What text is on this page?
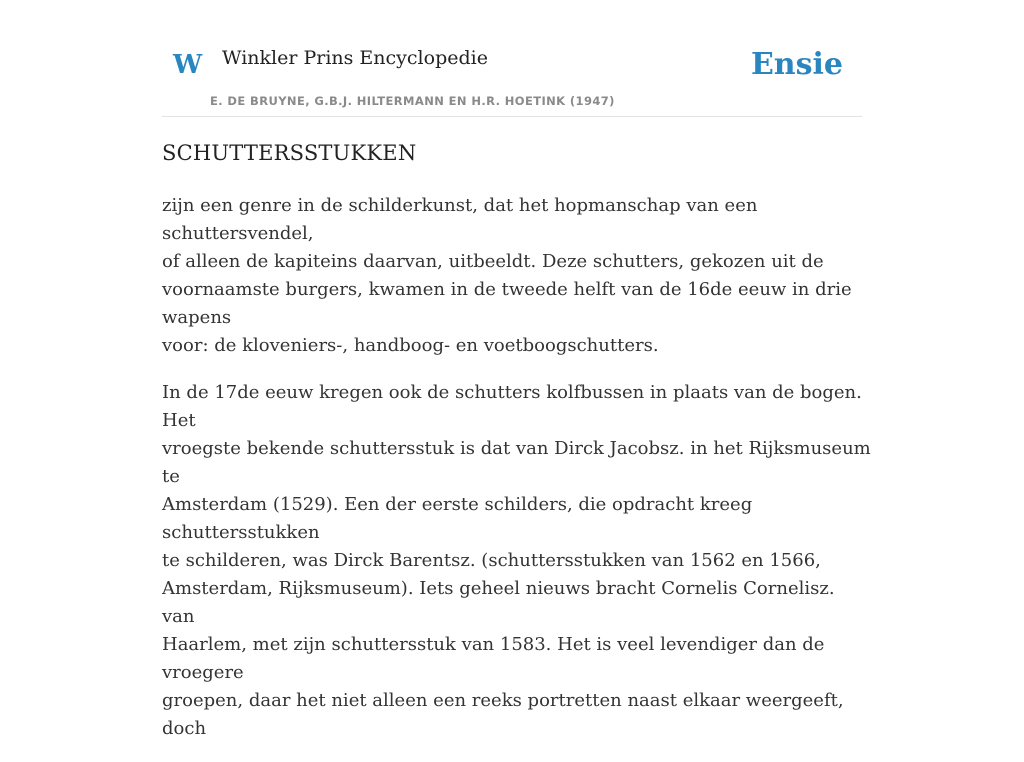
W Winkler Prins Encyclopedie
E. DE BRUYNE, G.B.J. HILTERMANN EN H.R. HOETINK (1947)
Ensie
SCHUTTERSSTUKKEN

zijn een genre in de schilderkunst, dat het hopmanschap van een schuttersvendel,
of alleen de kapiteins daarvan, uitbeeldt. Deze schutters, gekozen uit de
voornaamste burgers, kwamen in de tweede helft van de 16de eeuw in drie wapens
voor: de kloveniers-, handboog- en voetboogschutters.

In de 17de eeuw kregen ook de schutters kolfbussen in plaats van de bogen. Het
vroegste bekende schuttersstuk is dat van Dirck Jacobsz. in het Rijksmuseum te
Amsterdam (1529). Een der eerste schilders, die opdracht kreeg schuttersstukken
te schilderen, was Dirck Barentsz. (schuttersstukken van 1562 en 1566,
Amsterdam, Rijksmuseum). Iets geheel nieuws bracht Cornelis Cornelisz. van
Haarlem, met zijn schuttersstuk van 1583. Het is veel levendiger dan de vroegere
groepen, daar het niet alleen een reeks portretten naast elkaar weergeeft, doch
